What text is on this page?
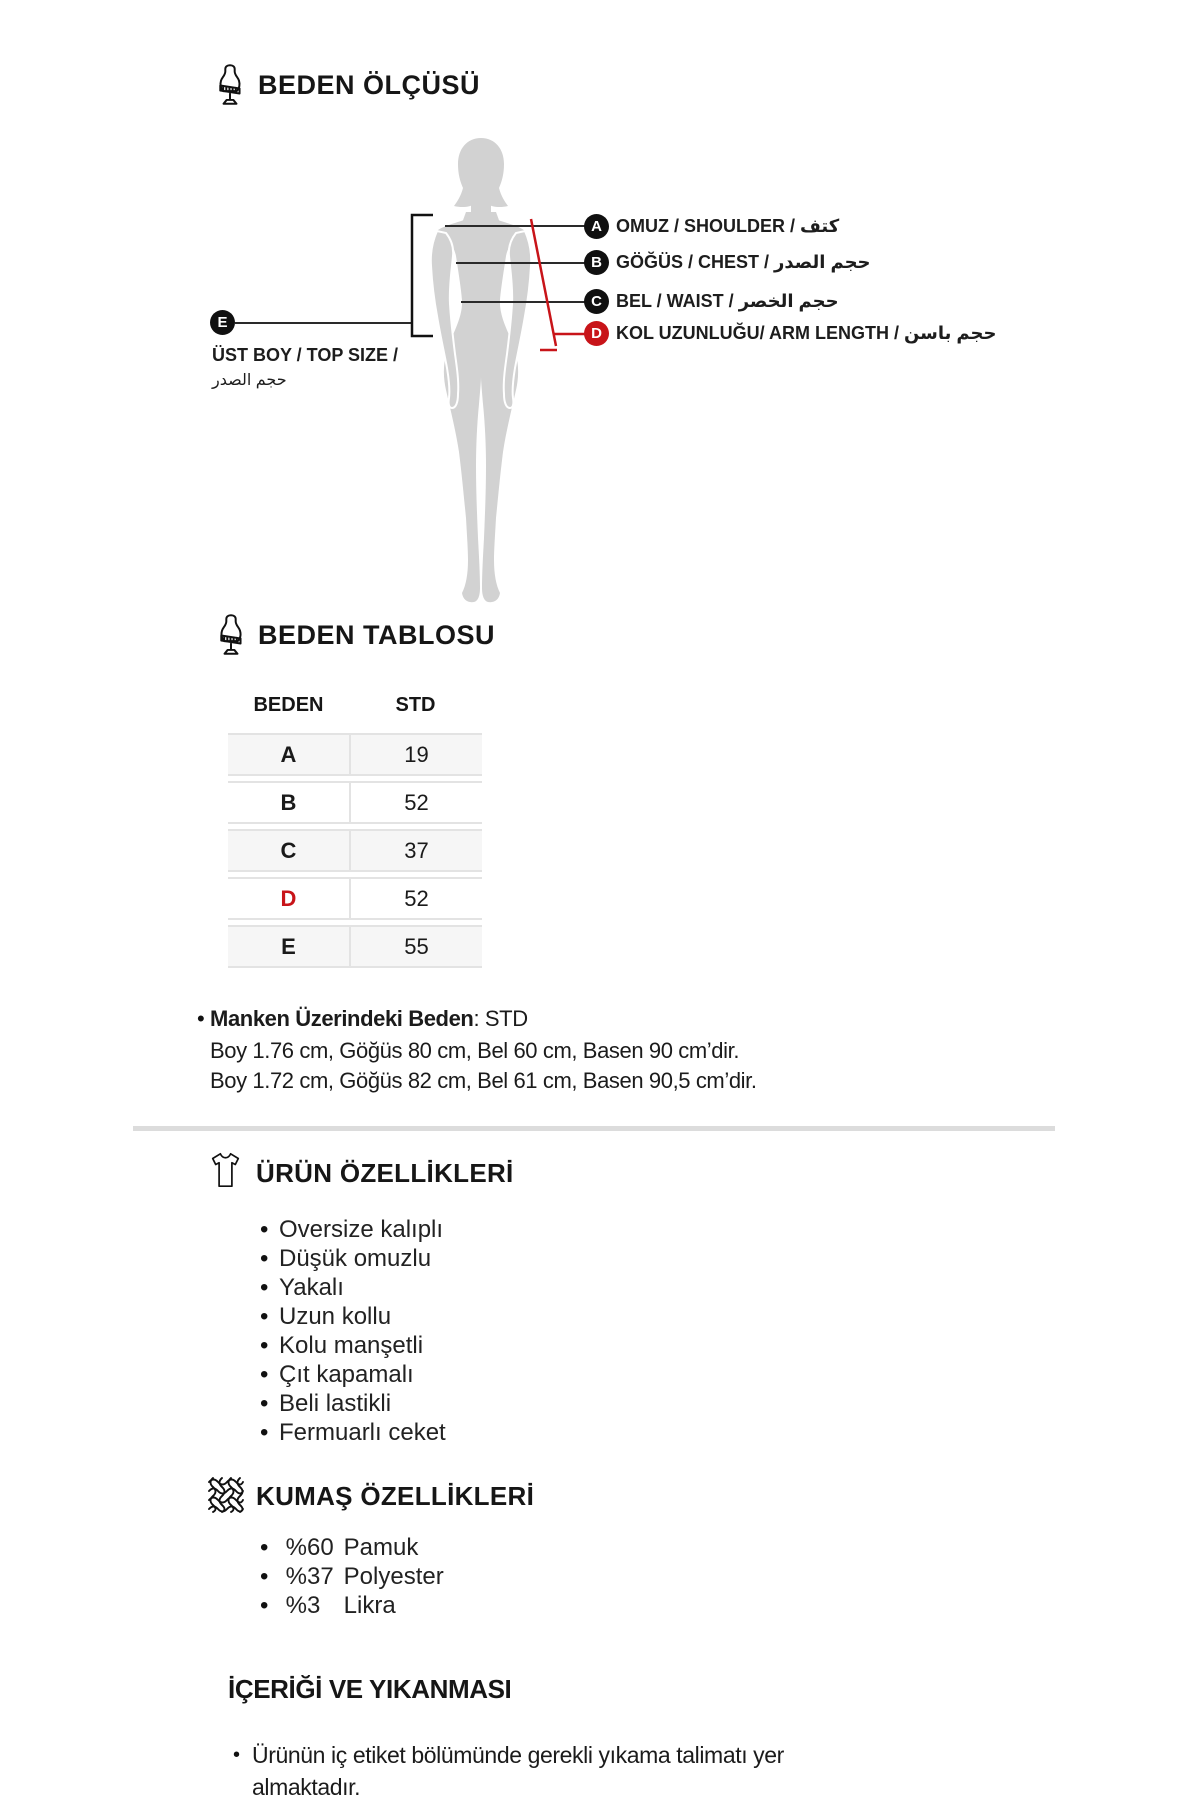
BEDEN ÖLÇÜSÜ
A
B
C
D
OMUZ / SHOULDER / كتف
GÖĞÜS / CHEST / حجم الصدر
BEL / WAIST / حجم الخصر
KOL UZUNLUĞU/ ARM LENGTH / حجم باسن
E
ÜST BOY / TOP SIZE /
حجم الصدر
BEDEN TABLOSU
BEDEN	STD
A	19
B	52
C	37
D	52
E	55
• Manken Üzerindeki Beden: STD
Boy 1.76 cm, Göğüs 80 cm, Bel 60 cm, Basen 90 cm’dir.
Boy 1.72 cm, Göğüs 82 cm, Bel 61 cm, Basen 90,5 cm’dir.
ÜRÜN ÖZELLİKLERİ
• Oversize kalıplı
• Düşük omuzlu
• Yakalı
• Uzun kollu
• Kolu manşetli
• Çıt kapamalı
• Beli lastikli
• Fermuarlı ceket
KUMAŞ ÖZELLİKLERİ
• %60 Pamuk
• %37 Polyester
• %3 Likra
İÇERİĞİ VE YIKANMASI
• Ürünün iç etiket bölümünde gerekli yıkama talimatı yer
almaktadır.
